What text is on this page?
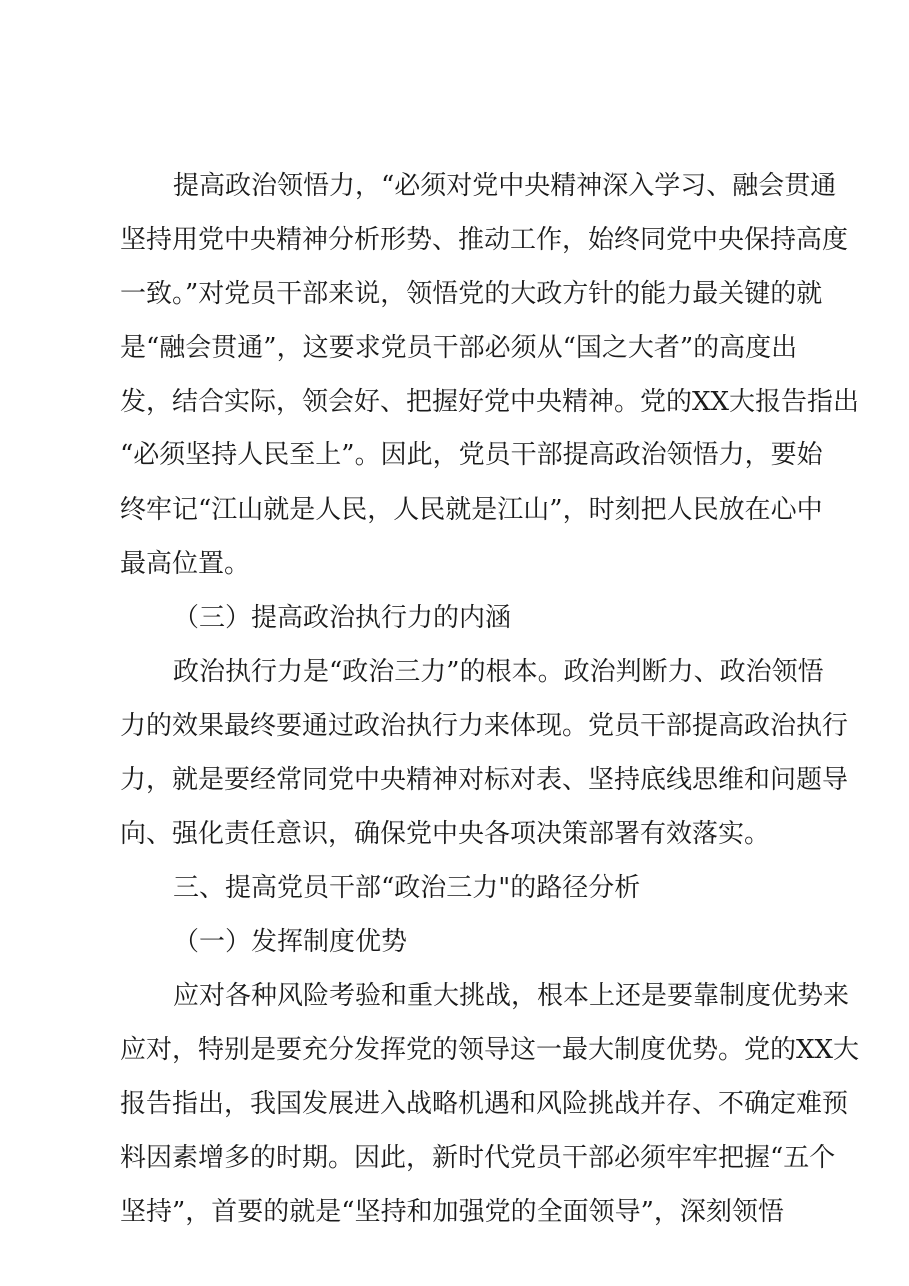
提高政治领悟力，“必须对党中央精神深入学习、融会贯通
坚持用党中央精神分析形势、推动工作，始终同党中央保持高度
一致。”对党员干部来说，领悟党的大政方针的能力最关键的就
是“融会贯通”，这要求党员干部必须从“国之大者”的高度出
发，结合实际，领会好、把握好党中央精神。党的XX大报告指出
“必须坚持人民至上”。因此，党员干部提高政治领悟力，要始
终牢记“江山就是人民，人民就是江山”，时刻把人民放在心中
最高位置。
（三）提高政治执行力的内涵
政治执行力是“政治三力”的根本。政治判断力、政治领悟
力的效果最终要通过政治执行力来体现。党员干部提高政治执行
力，就是要经常同党中央精神对标对表、坚持底线思维和问题导
向、强化责任意识，确保党中央各项决策部署有效落实。
三、提高党员干部“政治三力"的路径分析
（一）发挥制度优势
应对各种风险考验和重大挑战，根本上还是要靠制度优势来
应对，特别是要充分发挥党的领导这一最大制度优势。党的XX大
报告指出，我国发展进入战略机遇和风险挑战并存、不确定难预
料因素增多的时期。因此，新时代党员干部必须牢牢把握“五个
坚持”，首要的就是“坚持和加强党的全面领导”，深刻领悟
